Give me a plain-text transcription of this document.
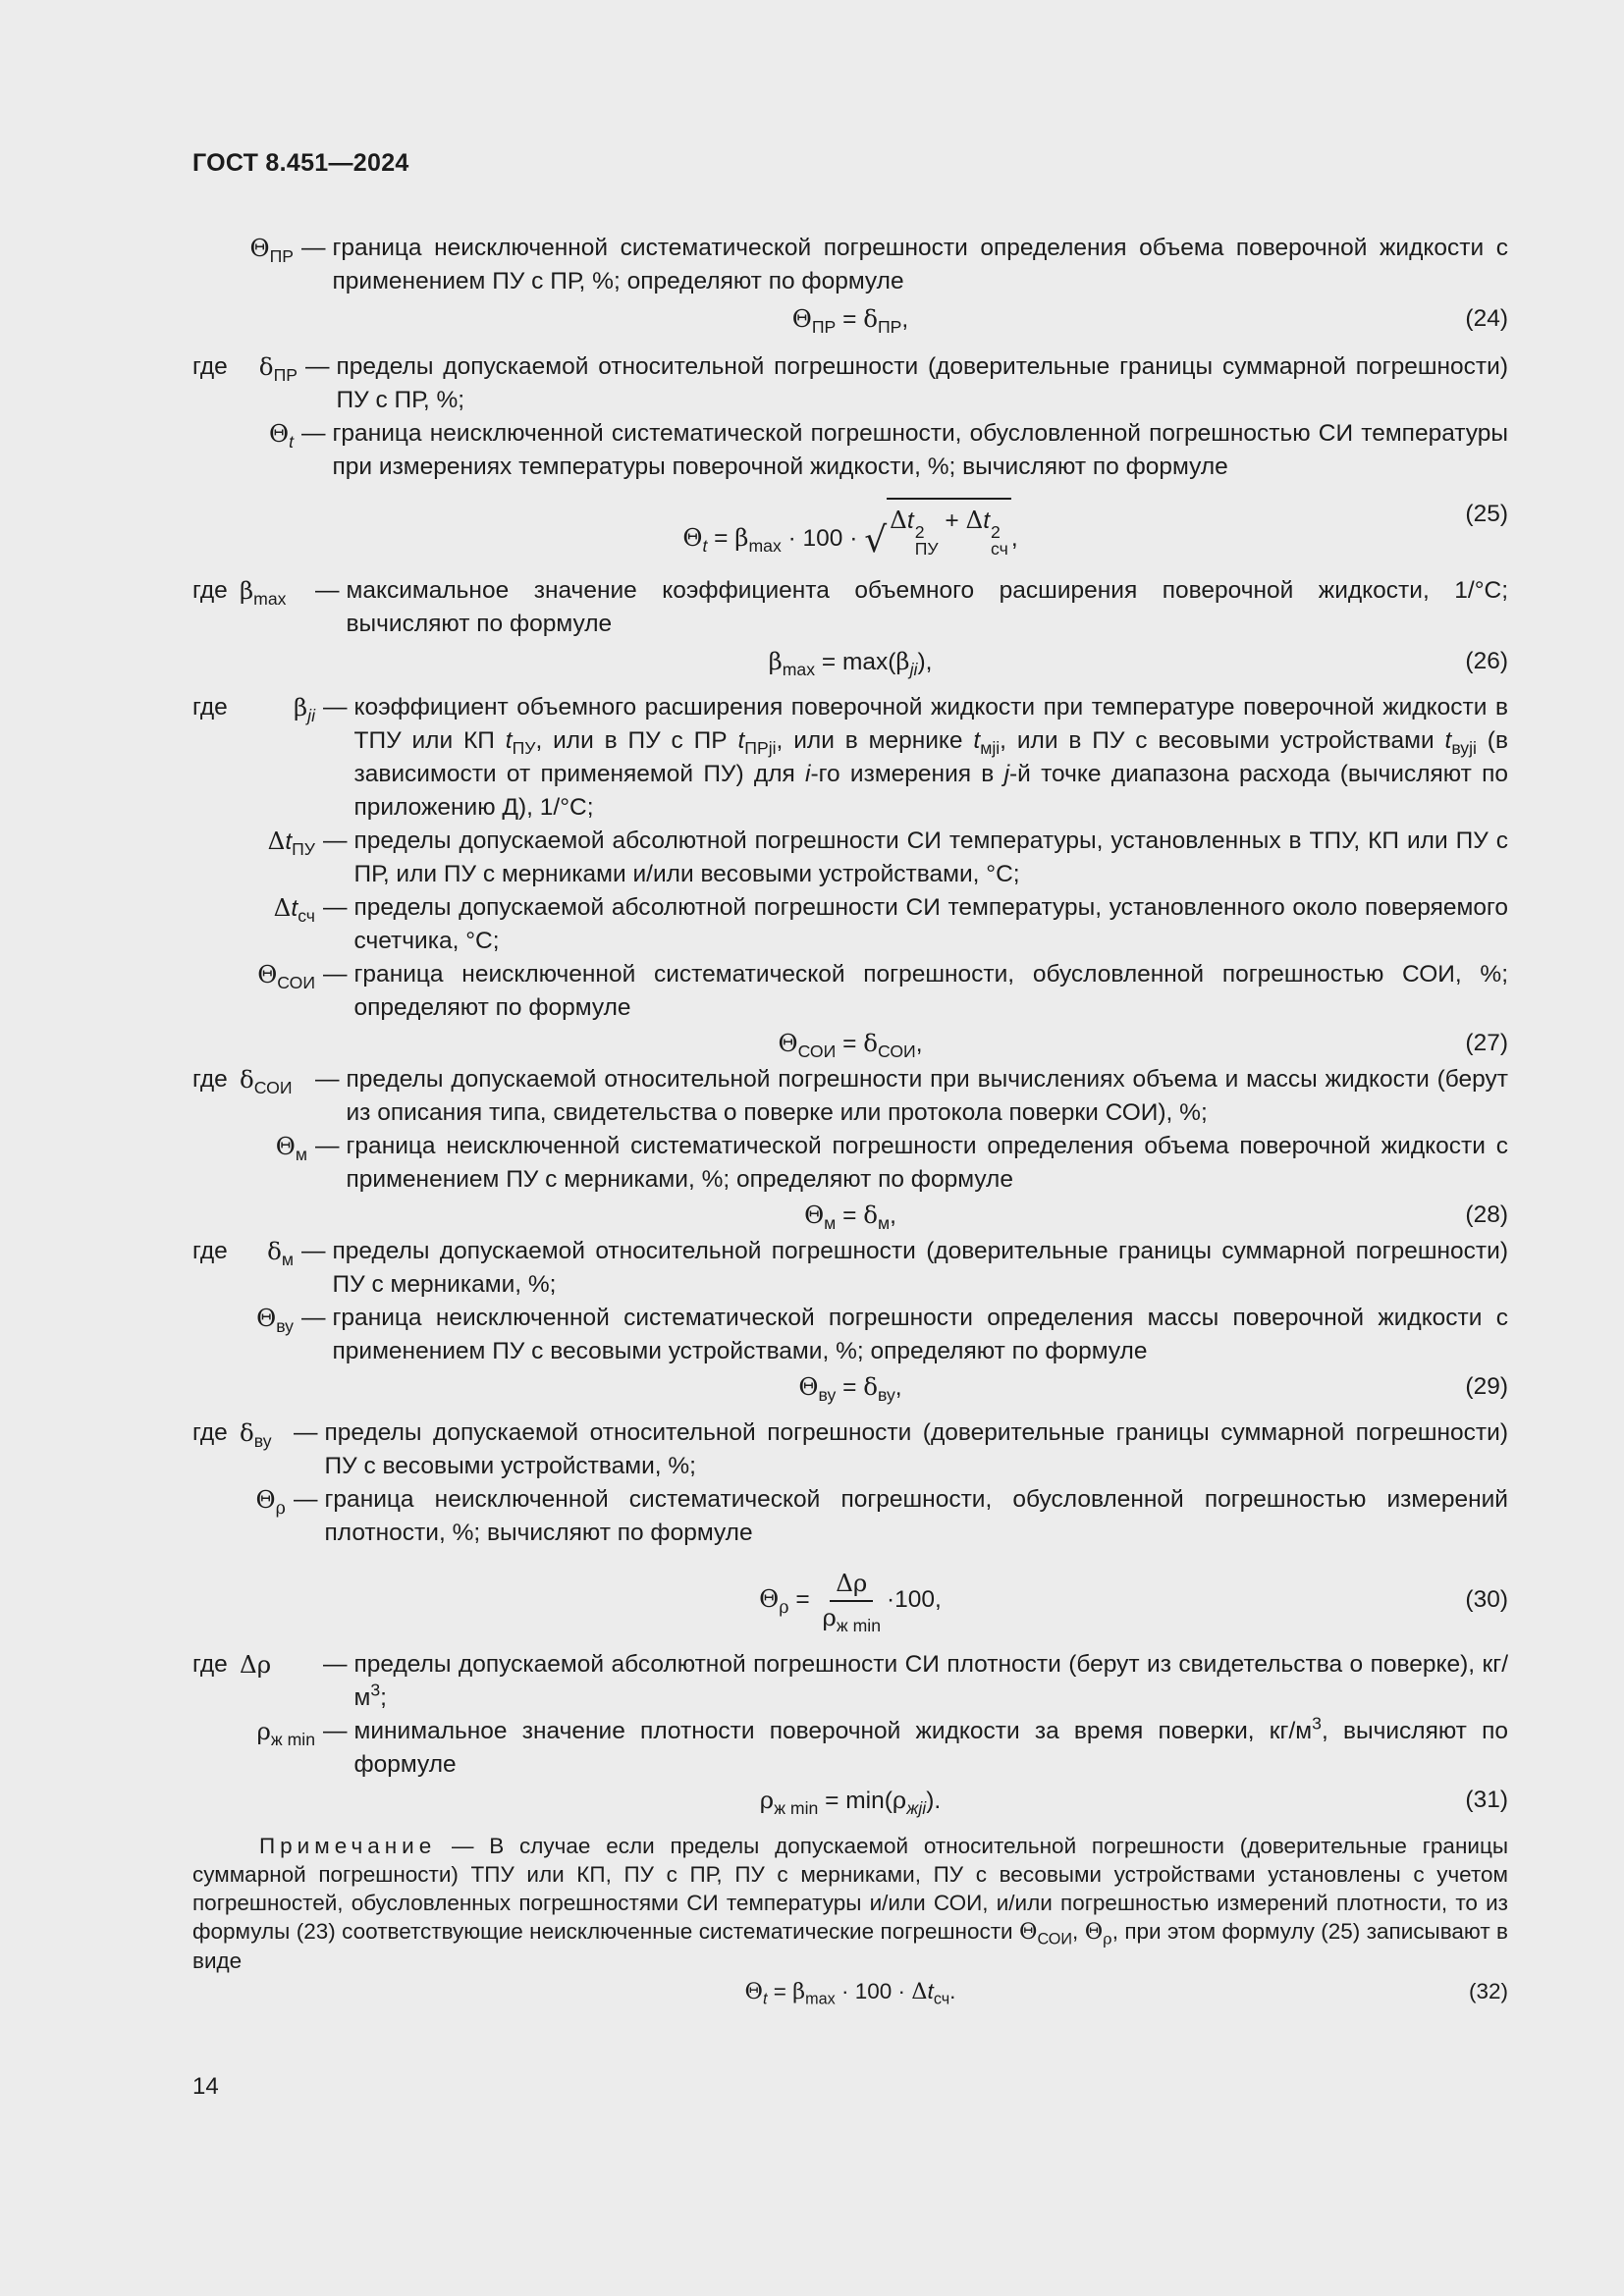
ГОСТ 8.451—2024
$\Theta_{ПР}$ — граница неисключенной систематической погрешности определения объема поверочной жидкости с применением ПУ с ПР, %; определяют по формуле
$\Theta_{ПР} = \delta_{ПР}$,	(24)
где	$\delta_{ПР}$ — пределы допускаемой относительной погрешности (доверительные границы суммарной погрешности) ПУ с ПР, %;
$\Theta_t$ — граница неисключенной систематической погрешности, обусловленной погрешностью СИ температуры при измерениях температуры поверочной жидкости, %; вычисляют по формуле
$\Theta_t = \beta_{max} \cdot 100$ · √
Δt 2
ПУ
+ Δt 2
сч ,
(25)
где $\beta_{max}$	— максимальное значение коэффициента объемного расширения поверочной жидкости, 1/°С; вычисляют по формуле
$\beta_{max} = \max(\beta_{ji})$,	(26)
где	$\beta_{ji}$ — коэффициент объемного расширения поверочной жидкости при температуре поверочной жидкости в ТПУ или КП $t_{ПУ}$, или в ПУ с ПР $t_{ПРji}$, или в мернике $t_{мji}$, или в ПУ с весовыми устройствами $t_{вуji}$ (в зависимости от применяемой ПУ) для i-го измерения в j-й точке диапазона расхода (вычисляют по приложению Д), 1/°С;
$\Delta t_{ПУ}$ — пределы допускаемой абсолютной погрешности СИ температуры, установленных в ТПУ, КП или ПУ с ПР, или ПУ с мерниками и/или весовыми устройствами, °С;
$\Delta t_{сч}$ — пределы допускаемой абсолютной погрешности СИ температуры, установленного около поверяемого счетчика, °С;
$\Theta_{СОИ}$ — граница неисключенной систематической погрешности, обусловленной погрешностью СОИ, %; определяют по формуле
$\Theta_{СОИ} = \delta_{СОИ}$,	(27)
где $\delta_{СОИ}$ — пределы допускаемой относительной погрешности при вычислениях объема и массы жидкости (берут из описания типа, свидетельства о поверке или протокола поверки СОИ), %;
$\Theta_м$ — граница неисключенной систематической погрешности определения объема поверочной жидкости с применением ПУ с мерниками, %; определяют по формуле
$\Theta_м = \delta_м$,	(28)
где	$\delta_м$ — пределы допускаемой относительной погрешности (доверительные границы суммарной погрешности) ПУ с мерниками, %;
$\Theta_{ву}$ — граница неисключенной систематической погрешности определения массы поверочной жидкости с применением ПУ с весовыми устройствами, %; определяют по формуле
$\Theta_{ву} = \delta_{ву}$,	(29)
где $\delta_{ву}$ — пределы допускаемой относительной погрешности (доверительные границы суммарной погрешности) ПУ с весовыми устройствами, %;
$\Theta_\rho$ — граница неисключенной систематической погрешности, обусловленной погрешностью измерений плотности, %; вычисляют по формуле
$\Theta_\rho = \frac{\Delta\rho}{\rho_{ж min}} \cdot 100$,	(30)
где Δρ	— пределы допускаемой абсолютной погрешности СИ плотности (берут из свидетельства о поверке), $кг/м^3$;
$\rho_{ж min}$ — минимальное значение плотности поверочной жидкости за время поверки, $кг/м^3$, вычисляют по формуле
$\rho_{ж min} = \min(\rho_{жji})$.	(31)
Примечание — В случае если пределы допускаемой относительной погрешности (доверительные границы суммарной погрешности) ТПУ или КП, ПУ с ПР, ПУ с мерниками, ПУ с весовыми устройствами установлены с учетом погрешностей, обусловленных погрешностями СИ температуры и/или СОИ, и/или погрешностью измерений плотности, то из формулы (23) соответствующие неисключенные систематические погрешности $\Theta_{СОИ}$, $\Theta_\rho$, при этом формулу (25) записывают в виде
$\Theta_t = \beta_{max} \cdot 100 \cdot \Delta t_{сч}$.	(32)
14
